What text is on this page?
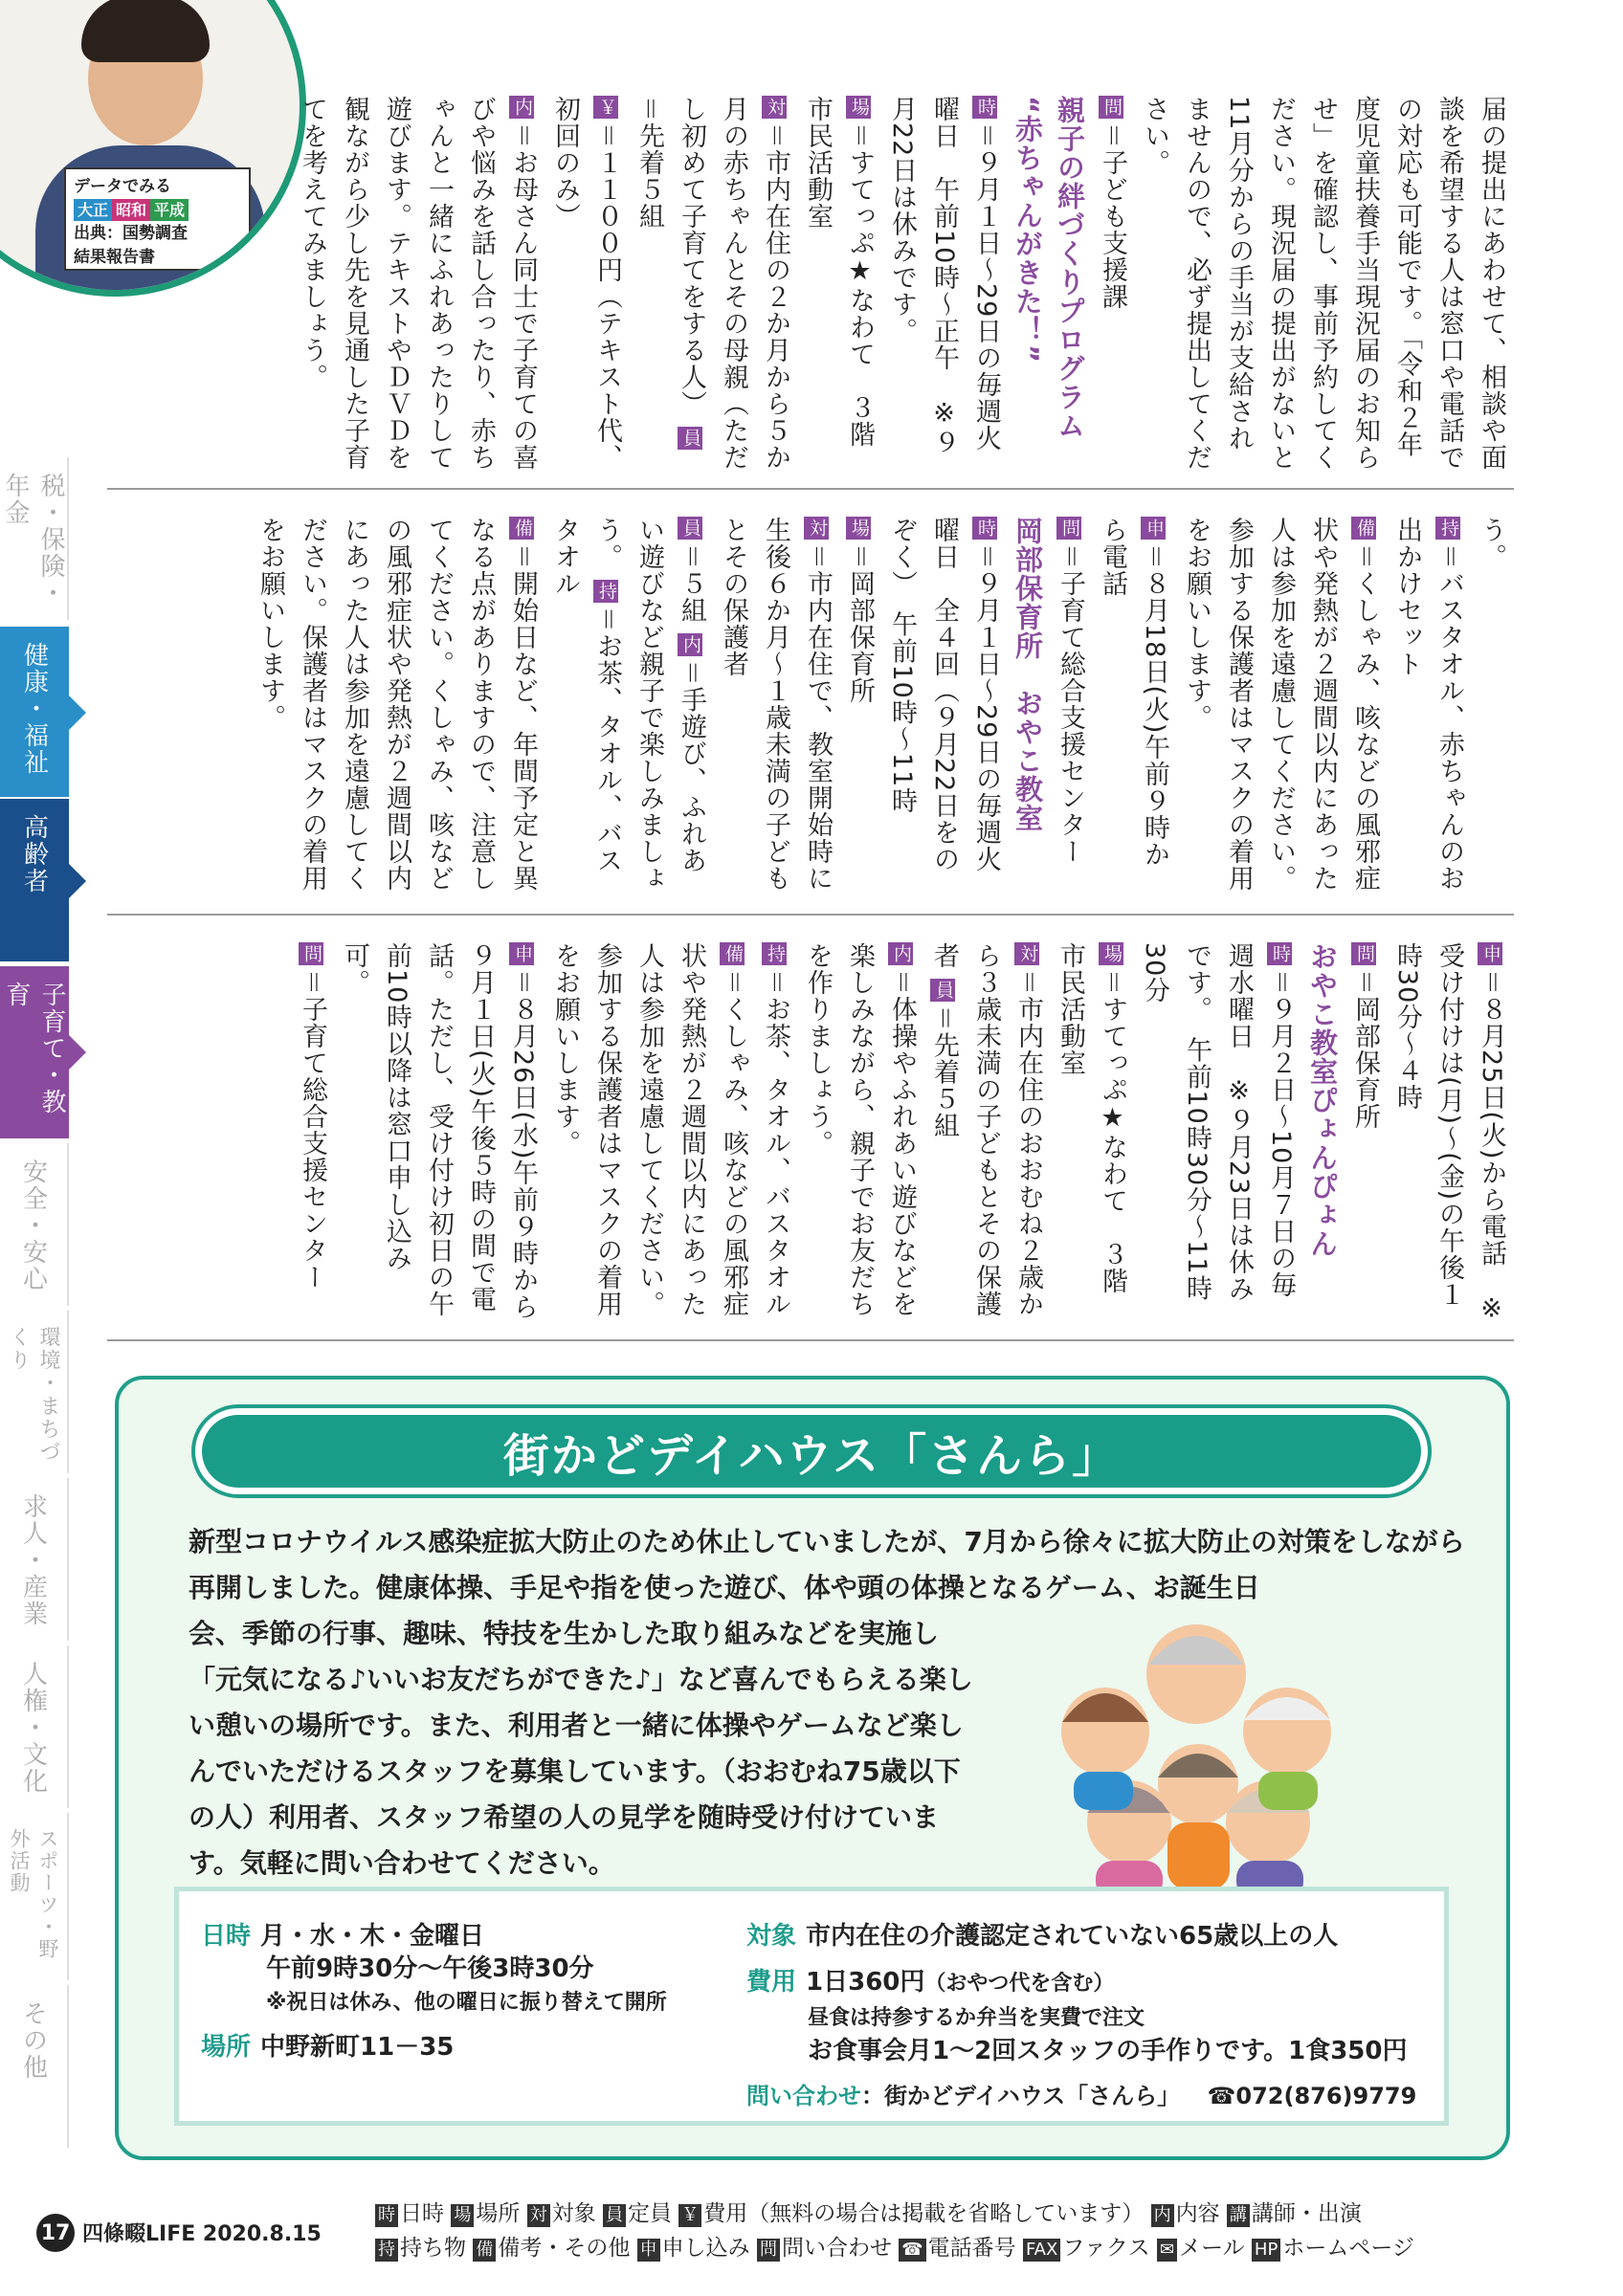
データでみる
大正 昭和 平成
出典：国勢調査
結果報告書
税・保険・年金
健康・福祉
高齢者
子育て・教育
安全・安心
環境・まちづくり
求人・産業
人権・文化
スポーツ・野外活動
その他
届の提出にあわせて、相談や面談を希望する人は窓口や電話での対応も可能です。「令和２年度児童扶養手当現況届のお知らせ」を確認し、事前予約してください。現況届の提出がないと11月分からの手当が支給されませんので、必ず提出してください。
問＝子ども支援課
親子の絆づくりプログラム “赤ちゃんがきた！”
時＝９月１日～29日の毎週火曜日　午前10時～正午　※９月22日は休みです。
場＝すてっぷ★なわて　３階　市民活動室
対＝市内在住の２か月から５か月の赤ちゃんとその母親（ただし初めて子育てをする人） 員＝先着５組
￥＝１１００円（テキスト代、初回のみ）
内＝お母さん同士で子育ての喜びや悩みを話し合ったり、赤ちゃんと一緒にふれあったりして遊びます。テキストやＤＶＤを観ながら少し先を見通した子育てを考えてみましょう。
う。
持＝バスタオル、赤ちゃんのお出かけセット
備＝くしゃみ、咳などの風邪症状や発熱が２週間以内にあった人は参加を遠慮してください。参加する保護者はマスクの着用をお願いします。
申＝８月18日(火)午前９時から電話
問＝子育て総合支援センター
岡部保育所　おやこ教室
時＝９月１日～29日の毎週火曜日　全４回（９月22日をのぞく）　午前10時～11時
場＝岡部保育所
対＝市内在住で、教室開始時に生後６か月～１歳未満の子どもとその保護者
員＝５組 内＝手遊び、ふれあい遊びなど親子で楽しみましょう。 持＝お茶、タオル、バスタオル
備＝開始日など、年間予定と異なる点がありますので、注意してください。くしゃみ、咳などの風邪症状や発熱が２週間以内にあった人は参加を遠慮してください。保護者はマスクの着用をお願いします。
申＝８月25日(火)から電話　※受け付けは(月)～(金)の午後１時30分～４時
問＝岡部保育所
おやこ教室ぴょんぴょん
時＝９月２日～10月７日の毎週水曜日　※９月23日は休みです。　午前10時30分～11時30分
場＝すてっぷ★なわて　３階　市民活動室
対＝市内在住のおおむね２歳から３歳未満の子どもとその保護者 員＝先着５組
内＝体操やふれあい遊びなどを楽しみながら、親子でお友だちを作りましょう。
持＝お茶、タオル、バスタオル
備＝くしゃみ、咳などの風邪症状や発熱が２週間以内にあった人は参加を遠慮してください。参加する保護者はマスクの着用をお願いします。
申＝８月26日(水)午前９時から９月１日(火)午後５時の間で電話。ただし、受け付け初日の午前10時以降は窓口申し込み可。
問＝子育て総合支援センター
街かどデイハウス「さんら」

新型コロナウイルス感染症拡大防止のため休止していましたが、7月から徐々に拡大防止の対策をしながら再開しました。健康体操、手足や指を使った遊び、体や頭の体操となるゲーム、お誕生日

会、季節の行事、趣味、特技を生かした取り組みなどを実施し「元気になる♪いいお友だちができた♪」など喜んでもらえる楽しい憩いの場所です。また、利用者と一緒に体操やゲームなど楽しんでいただけるスタッフを募集しています。（おおむね75歳以下の人）利用者、スタッフ希望の人の見学を随時受け付けています。気軽に問い合わせてください。

日時 月・水・木・金曜日
午前9時30分～午後3時30分
※祝日は休み、他の曜日に振り替えて開所
場所 中野新町11－35
対象 市内在住の介護認定されていない65歳以上の人
費用 1日360円（おやつ代を含む）
昼食は持参するか弁当を実費で注文
お食事会月1～2回スタッフの手作りです。1食350円
問い合わせ：街かどデイハウス「さんら」 ☎072(876)9779
17 四條畷LIFE 2020.8.15
時 日時 場 場所 対 対象 員 定員 ￥ 費用（無料の場合は掲載を省略しています） 内 内容 講 講師・出演
持 持ち物 備 備考・その他 申 申し込み 問 問い合わせ ☎ 電話番号 FAX ファクス ✉ メール HP ホームページ
